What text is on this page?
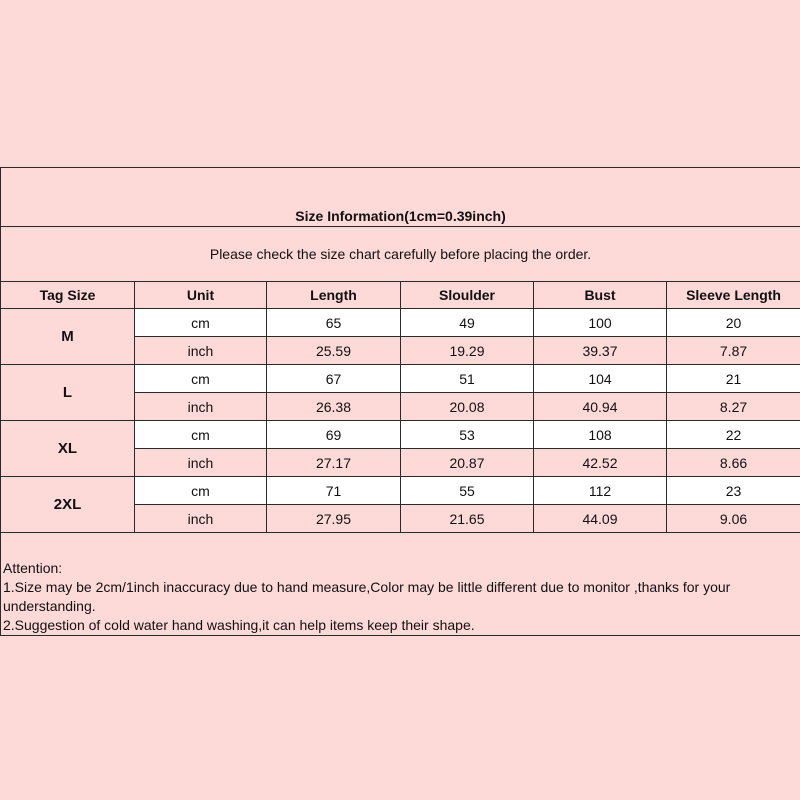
Size Information(1cm=0.39inch)					
Please check the size chart carefully before placing the order.					
Tag Size	Unit	Length	Sloulder	Bust	Sleeve Length
M	cm	65	49	100	20
	inch	25.59	19.29	39.37	7.87
L	cm	67	51	104	21
	inch	26.38	20.08	40.94	8.27
XL	cm	69	53	108	22
	inch	27.17	20.87	42.52	8.66
2XL	cm	71	55	112	23
	inch	27.95	21.65	44.09	9.06

Attention:
1.Size may be 2cm/1inch inaccuracy due to hand measure,Color may be little different due to monitor ,thanks for your understanding.
2.Suggestion of cold water hand washing,it can help items keep their shape.					
